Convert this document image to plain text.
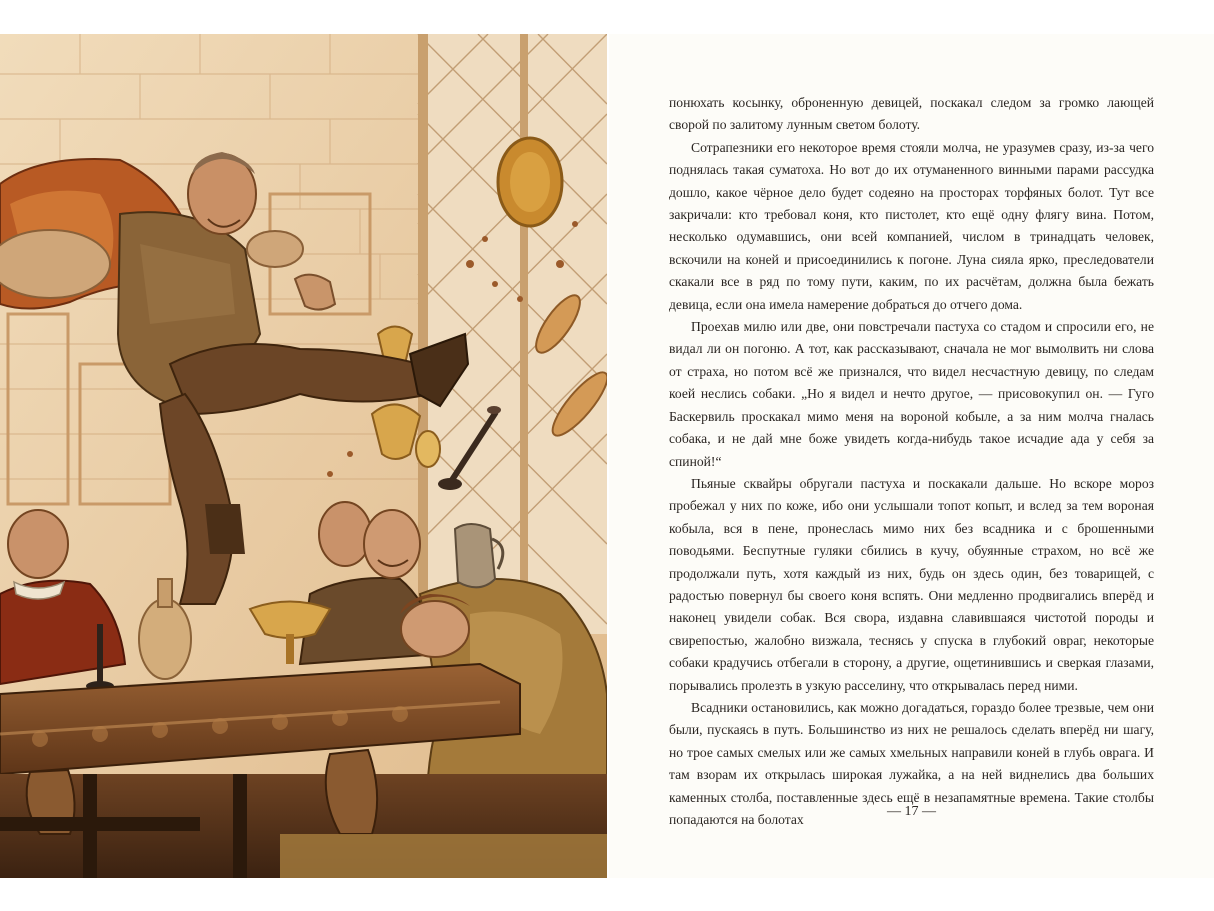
понюхать косынку, оброненную девицей, поскакал следом за громко лающей сворой по залитому лунным светом болоту.

Сотрапезники его некоторое время стояли молча, не уразумев сразу, из-за чего поднялась такая суматоха. Но вот до их отуманенного винными парами рассудка дошло, какое чёрное дело будет содеяно на просторах торфяных болот. Тут все закричали: кто требовал коня, кто пистолет, кто ещё одну флягу вина. Потом, несколько одумавшись, они всей компанией, числом в тринадцать человек, вскочили на коней и присоединились к погоне. Луна сияла ярко, преследователи скакали все в ряд по тому пути, каким, по их расчётам, должна была бежать девица, если она имела намерение добраться до отчего дома.

Проехав милю или две, они повстречали пастуха со стадом и спросили его, не видал ли он погоню. А тот, как рассказывают, сначала не мог вымолвить ни слова от страха, но потом всё же признался, что видел несчастную девицу, по следам коей неслись собаки. „Но я видел и нечто другое, — присовокупил он. — Гуго Баскервиль проскакал мимо меня на вороной кобыле, а за ним молча гналась собака, и не дай мне боже увидеть когда-нибудь такое исчадие ада у себя за спиной!“

Пьяные сквайры обругали пастуха и поскакали дальше. Но вскоре мороз пробежал у них по коже, ибо они услышали топот копыт, и вслед за тем вороная кобыла, вся в пене, пронеслась мимо них без всадника и с брошенными поводьями. Беспутные гуляки сбились в кучу, обуянные страхом, но всё же продолжали путь, хотя каждый из них, будь он здесь один, без товарищей, с радостью повернул бы своего коня вспять. Они медленно продвигались вперёд и наконец увидели собак. Вся свора, издавна славившаяся чистотой породы и свирепостью, жалобно визжала, теснясь у спуска в глубокий овраг, некоторые собаки крадучись отбегали в сторону, а другие, ощетинившись и сверкая глазами, порывались пролезть в узкую расселину, что открывалась перед ними.

Всадники остановились, как можно догадаться, гораздо более трезвые, чем они были, пускаясь в путь. Большинство из них не решалось сделать вперёд ни шагу, но трое самых смелых или же самых хмельных направили коней в глубь оврага. И там взорам их открылась широкая лужайка, а на ней виднелись два больших каменных столба, поставленные здесь ещё в незапамятные времена. Такие столбы попадаются на болотах

— 17 —
